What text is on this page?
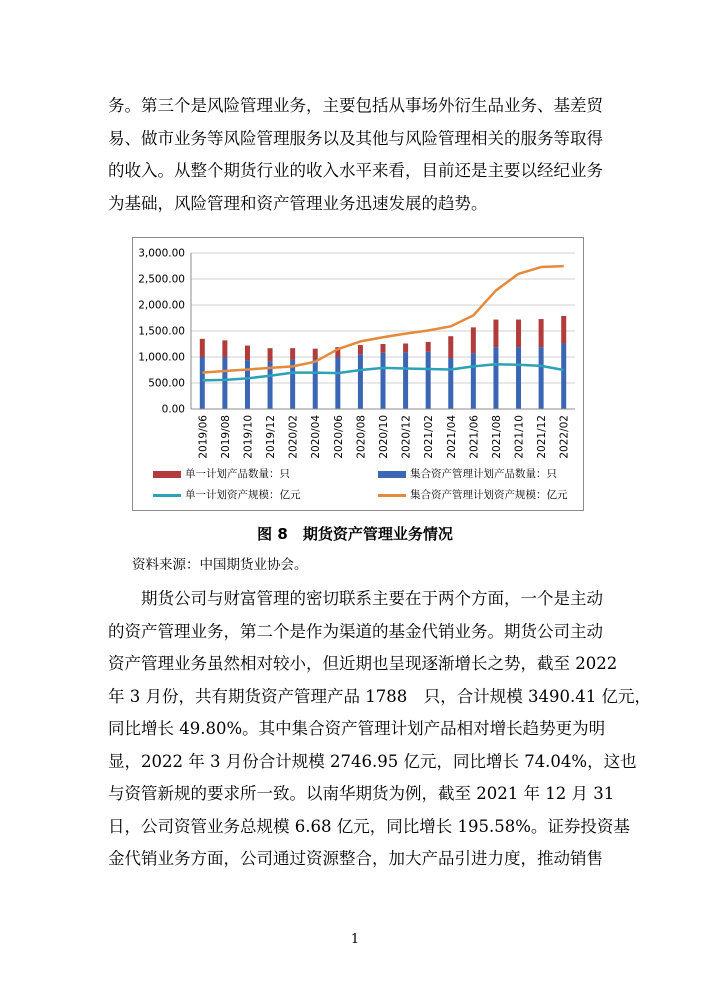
务。第三个是风险管理业务，主要包括从事场外衍生品业务、基差贸
易、做市业务等风险管理服务以及其他与风险管理相关的服务等取得
的收入。从整个期货行业的收入水平来看，目前还是主要以经纪业务
为基础，风险管理和资产管理业务迅速发展的趋势。
0.00
500.00
1,000.00
1,500.00
2,000.00
2,500.00
3,000.00
2019/06 2019/08 2019/10 2019/12 2020/02 2020/04 2020/06 2020/08 2020/10 2020/12 2021/02 2021/04 2021/06 2021/08 2021/10 2021/12 2022/02
单一计划产品数量：只	集合资产管理计划产品数量：只
单一计划资产规模：亿元	集合资产管理计划资产规模：亿元
图 8　期货资产管理业务情况
资料来源：中国期货业协会。
　　期货公司与财富管理的密切联系主要在于两个方面，一个是主动
的资产管理业务，第二个是作为渠道的基金代销业务。期货公司主动
资产管理业务虽然相对较小，但近期也呈现逐渐增长之势，截至 2022
年 3 月份，共有期货资产管理产品 1788　只，合计规模 3490.41 亿元，
同比增长 49.80%。其中集合资产管理计划产品相对增长趋势更为明
显，2022 年 3 月份合计规模 2746.95 亿元，同比增长 74.04%，这也
与资管新规的要求所一致。以南华期货为例，截至 2021 年 12 月 31
日，公司资管业务总规模 6.68 亿元，同比增长 195.58%。证券投资基
金代销业务方面，公司通过资源整合，加大产品引进力度，推动销售
1
